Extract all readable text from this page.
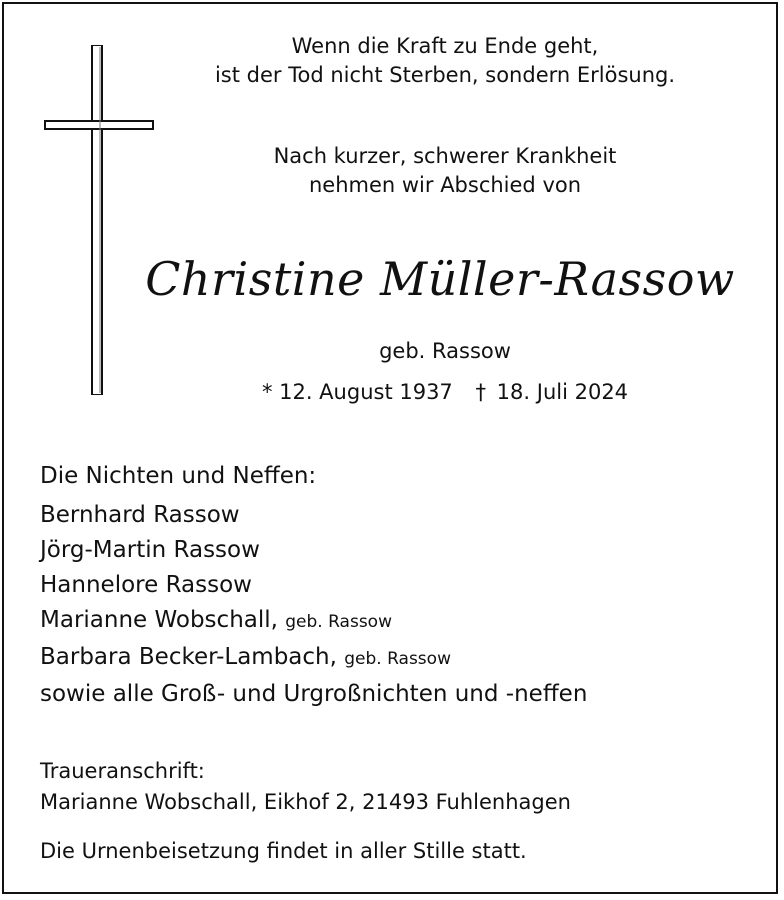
Wenn die Kraft zu Ende geht,
ist der Tod nicht Sterben, sondern Erlösung.
Nach kurzer, schwerer Krankheit
nehmen wir Abschied von
Christine Müller-Rassow
geb. Rassow
* 12. August 1937 † 18. Juli 2024
Die Nichten und Neffen:
Bernhard Rassow
Jörg-Martin Rassow
Hannelore Rassow
Marianne Wobschall, geb. Rassow
Barbara Becker-Lambach, geb. Rassow
sowie alle Groß- und Urgroßnichten und -neffen
Traueranschrift:
Marianne Wobschall, Eikhof 2, 21493 Fuhlenhagen
Die Urnenbeisetzung findet in aller Stille statt.
